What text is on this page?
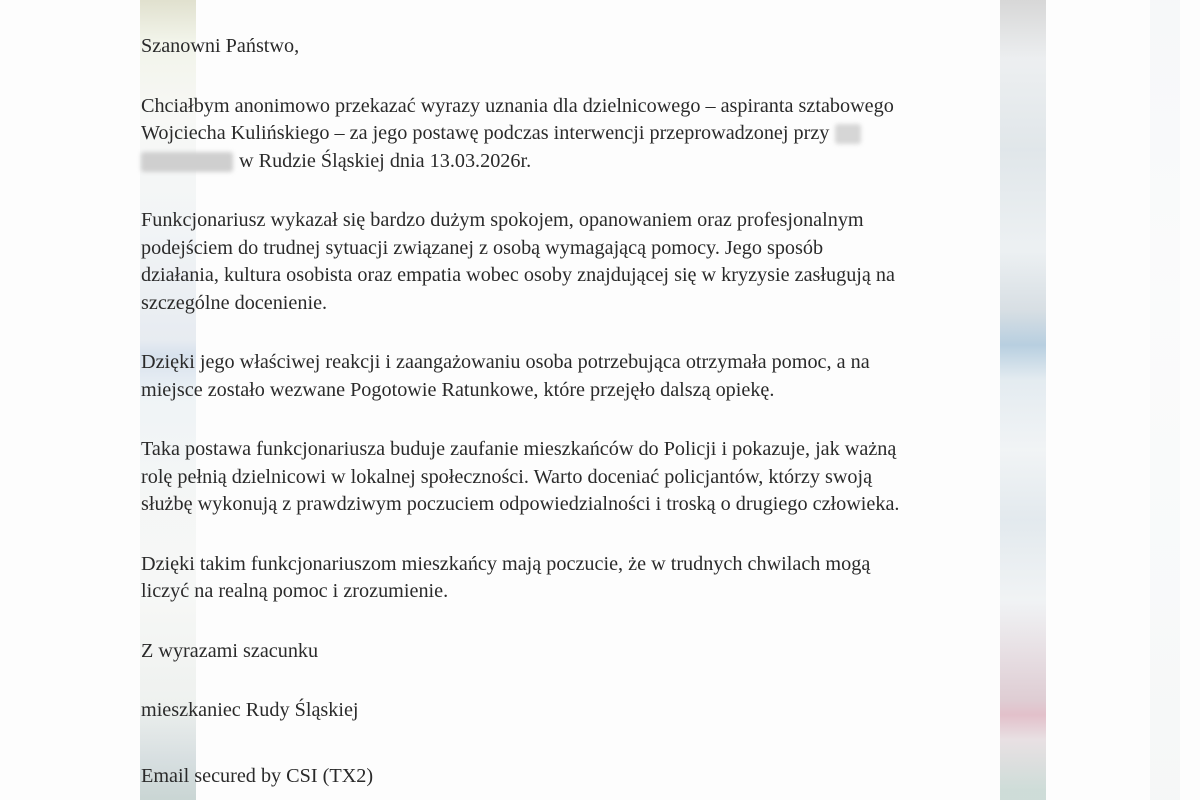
Szanowni Państwo,

Chciałbym anonimowo przekazać wyrazy uznania dla dzielnicowego – aspiranta sztabowego
Wojciecha Kulińskiego – za jego postawę podczas interwencji przeprowadzonej przy
w Rudzie Śląskiej dnia 13.03.2026r.

Funkcjonariusz wykazał się bardzo dużym spokojem, opanowaniem oraz profesjonalnym
podejściem do trudnej sytuacji związanej z osobą wymagającą pomocy. Jego sposób
działania, kultura osobista oraz empatia wobec osoby znajdującej się w kryzysie zasługują na
szczególne docenienie.

Dzięki jego właściwej reakcji i zaangażowaniu osoba potrzebująca otrzymała pomoc, a na
miejsce zostało wezwane Pogotowie Ratunkowe, które przejęło dalszą opiekę.

Taka postawa funkcjonariusza buduje zaufanie mieszkańców do Policji i pokazuje, jak ważną
rolę pełnią dzielnicowi w lokalnej społeczności. Warto doceniać policjantów, którzy swoją
służbę wykonują z prawdziwym poczuciem odpowiedzialności i troską o drugiego człowieka.

Dzięki takim funkcjonariuszom mieszkańcy mają poczucie, że w trudnych chwilach mogą
liczyć na realną pomoc i zrozumienie.

Z wyrazami szacunku

mieszkaniec Rudy Śląskiej

Email secured by CSI (TX2)
